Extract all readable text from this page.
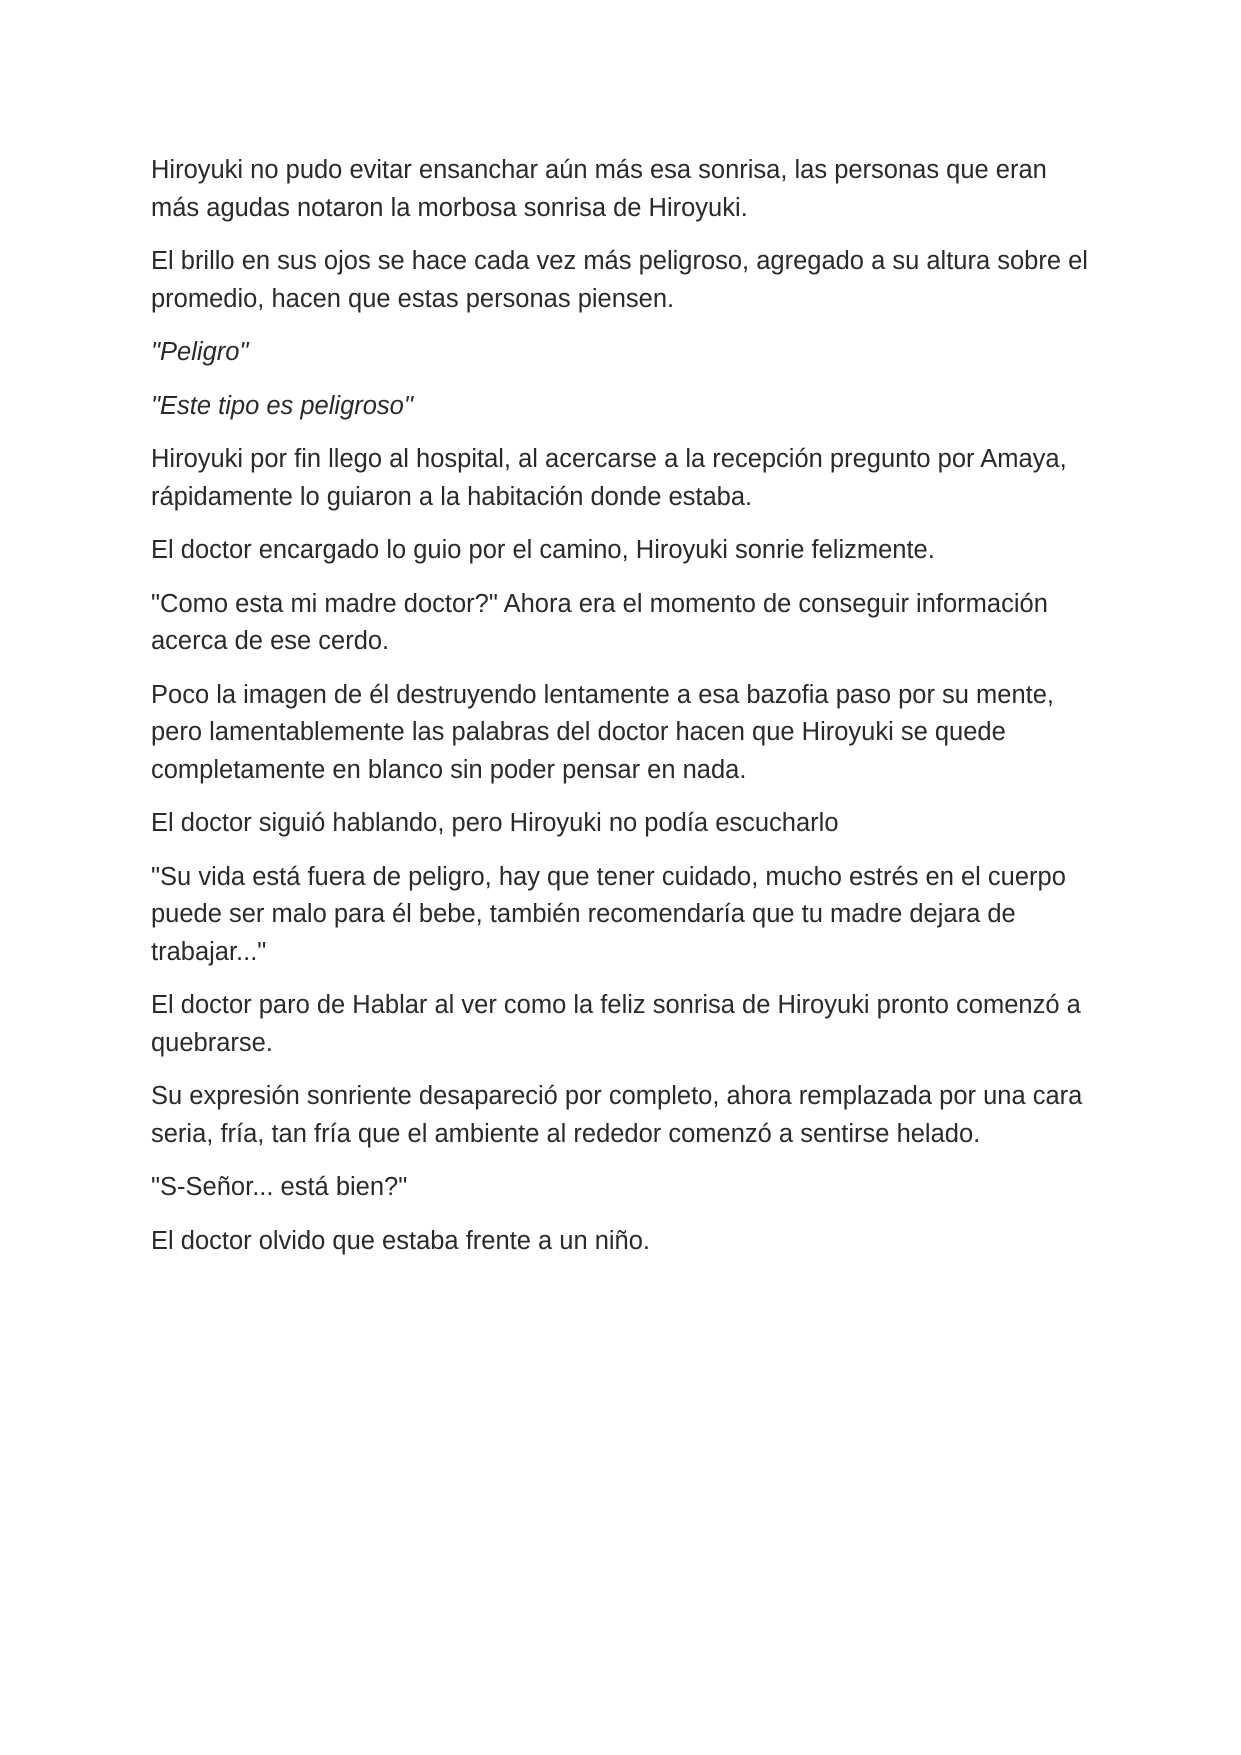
Hiroyuki no pudo evitar ensanchar aún más esa sonrisa, las personas que eran más agudas notaron la morbosa sonrisa de Hiroyuki.

El brillo en sus ojos se hace cada vez más peligroso, agregado a su altura sobre el promedio, hacen que estas personas piensen.

"Peligro"

"Este tipo es peligroso"

Hiroyuki por fin llego al hospital, al acercarse a la recepción pregunto por Amaya, rápidamente lo guiaron a la habitación donde estaba.

El doctor encargado lo guio por el camino, Hiroyuki sonrie felizmente.

"Como esta mi madre doctor?" Ahora era el momento de conseguir información acerca de ese cerdo.

Poco la imagen de él destruyendo lentamente a esa bazofia paso por su mente, pero lamentablemente las palabras del doctor hacen que Hiroyuki se quede completamente en blanco sin poder pensar en nada.

El doctor siguió hablando, pero Hiroyuki no podía escucharlo

"Su vida está fuera de peligro, hay que tener cuidado, mucho estrés en el cuerpo puede ser malo para él bebe, también recomendaría que tu madre dejara de trabajar..."

El doctor paro de Hablar al ver como la feliz sonrisa de Hiroyuki pronto comenzó a quebrarse.

Su expresión sonriente desapareció por completo, ahora remplazada por una cara seria, fría, tan fría que el ambiente al rededor comenzó a sentirse helado.

"S-Señor... está bien?"

El doctor olvido que estaba frente a un niño.
